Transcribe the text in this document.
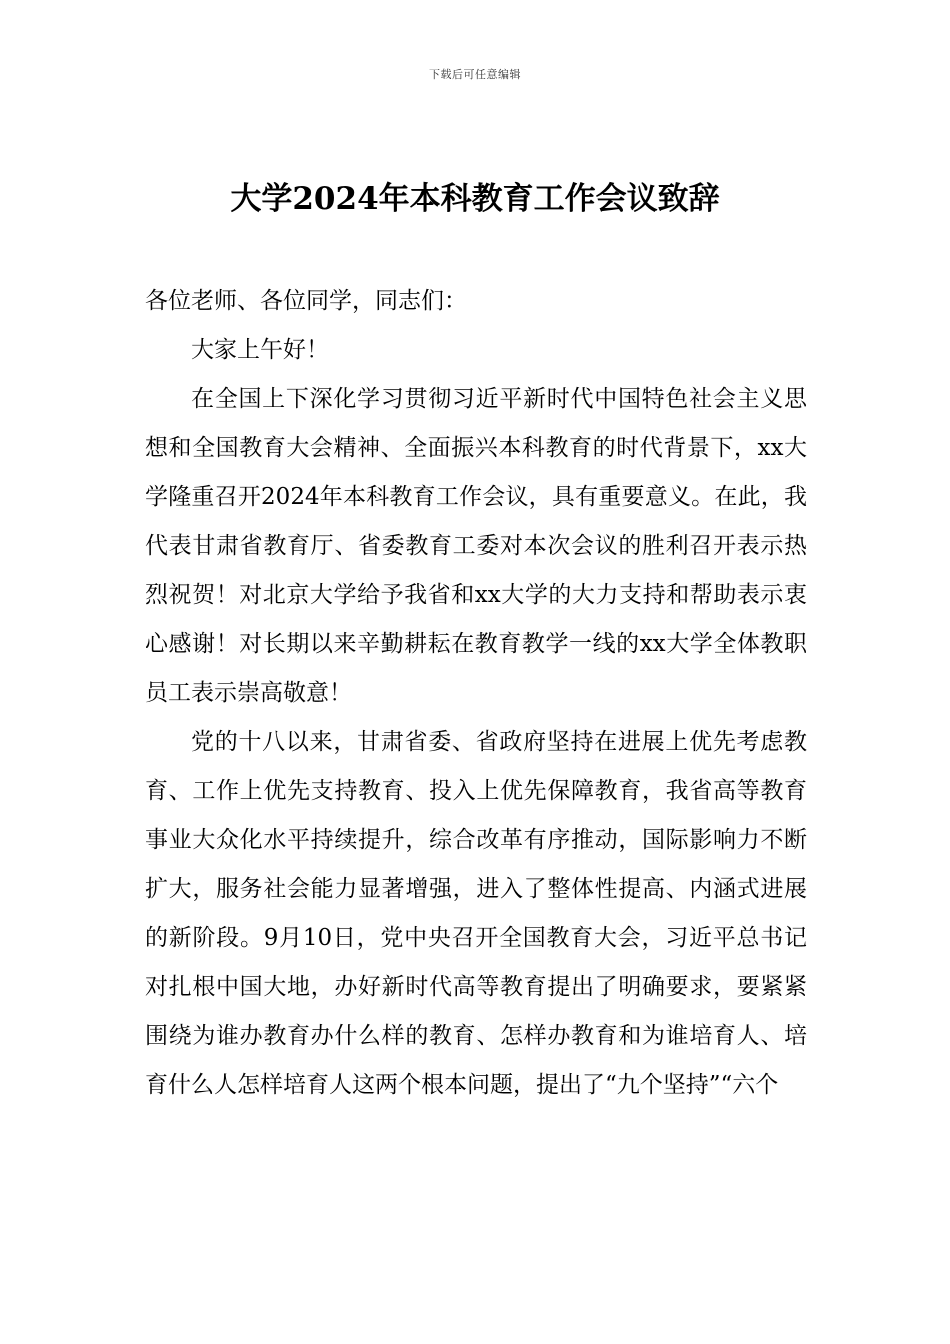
下载后可任意编辑
大学2024年本科教育工作会议致辞

各位老师、各位同学，同志们：

大家上午好！

在全国上下深化学习贯彻习近平新时代中国特色社会主义思想和全国教育大会精神、全面振兴本科教育的时代背景下，xx大学隆重召开2024年本科教育工作会议，具有重要意义。在此，我代表甘肃省教育厅、省委教育工委对本次会议的胜利召开表示热烈祝贺！对北京大学给予我省和xx大学的大力支持和帮助表示衷心感谢！对长期以来辛勤耕耘在教育教学一线的xx大学全体教职员工表示崇高敬意！

党的十八以来，甘肃省委、省政府坚持在进展上优先考虑教育、工作上优先支持教育、投入上优先保障教育，我省高等教育事业大众化水平持续提升，综合改革有序推动，国际影响力不断扩大，服务社会能力显著增强，进入了整体性提高、内涵式进展的新阶段。9月10日，党中央召开全国教育大会，习近平总书记对扎根中国大地，办好新时代高等教育提出了明确要求，要紧紧围绕为谁办教育办什么样的教育、怎样办教育和为谁培育人、培育什么人怎样培育人这两个根本问题，提出了“九个坚持”“六个
